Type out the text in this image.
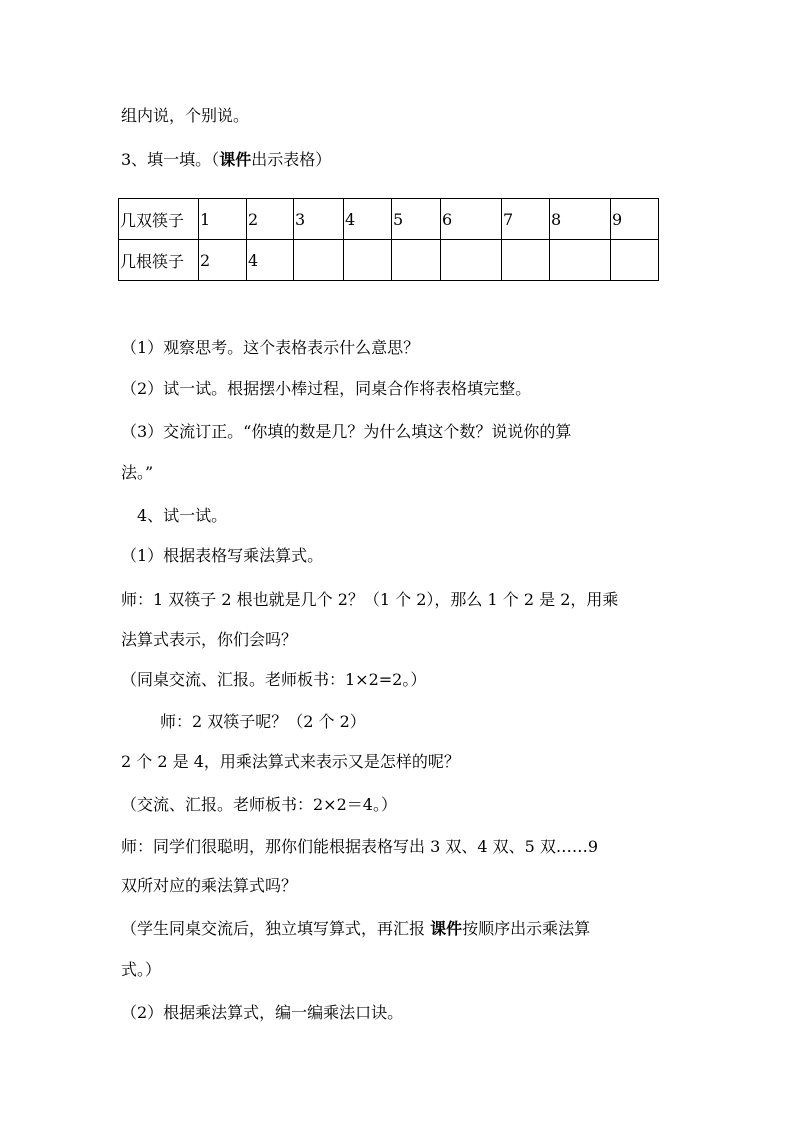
组内说，个别说。
3、填一填。（课件出示表格）
几双筷子	1	2	3	4	5	6	7	8	9
几根筷子	2	4							
（1）观察思考。这个表格表示什么意思？
（2）试一试。根据摆小棒过程，同桌合作将表格填完整。
（3）交流订正。“你填的数是几？为什么填这个数？说说你的算
法。”
4、试一试。
（1）根据表格写乘法算式。
师：1 双筷子 2 根也就是几个 2？（1 个 2），那么 1 个 2 是 2，用乘
法算式表示，你们会吗？
（同桌交流、汇报。老师板书：1×2=2。）
师：2 双筷子呢？（2 个 2）
2 个 2 是 4，用乘法算式来表示又是怎样的呢？
（交流、汇报。老师板书：2×2＝4。）
师：同学们很聪明，那你们能根据表格写出 3 双、4 双、5 双……9
双所对应的乘法算式吗？
（学生同桌交流后，独立填写算式，再汇报 课件按顺序出示乘法算
式。）
（2）根据乘法算式，编一编乘法口诀。
